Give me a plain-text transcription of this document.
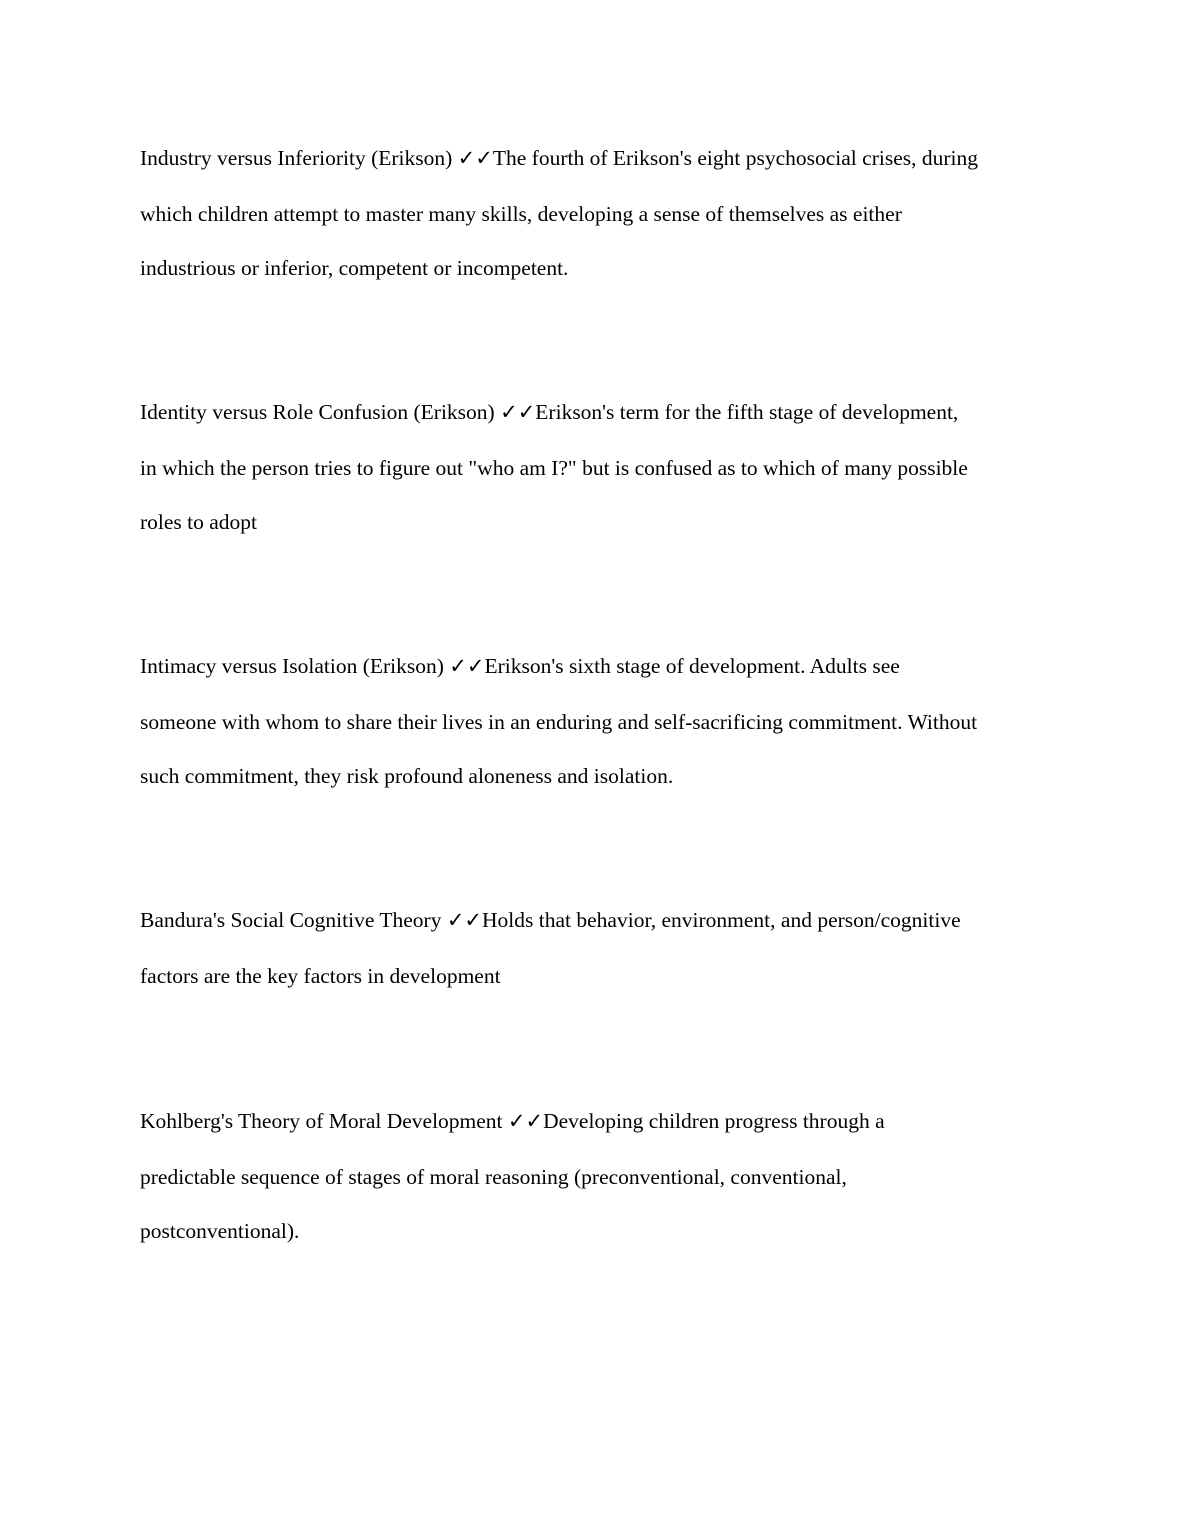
Industry versus Inferiority (Erikson) ✓✓The fourth of Erikson's eight psychosocial crises, during
which children attempt to master many skills, developing a sense of themselves as either
industrious or inferior, competent or incompetent.
Identity versus Role Confusion (Erikson) ✓✓Erikson's term for the fifth stage of development,
in which the person tries to figure out "who am I?" but is confused as to which of many possible
roles to adopt
Intimacy versus Isolation (Erikson) ✓✓Erikson's sixth stage of development. Adults see
someone with whom to share their lives in an enduring and self-sacrificing commitment. Without
such commitment, they risk profound aloneness and isolation.
Bandura's Social Cognitive Theory ✓✓Holds that behavior, environment, and person/cognitive
factors are the key factors in development
Kohlberg's Theory of Moral Development ✓✓Developing children progress through a
predictable sequence of stages of moral reasoning (preconventional, conventional,
postconventional).
